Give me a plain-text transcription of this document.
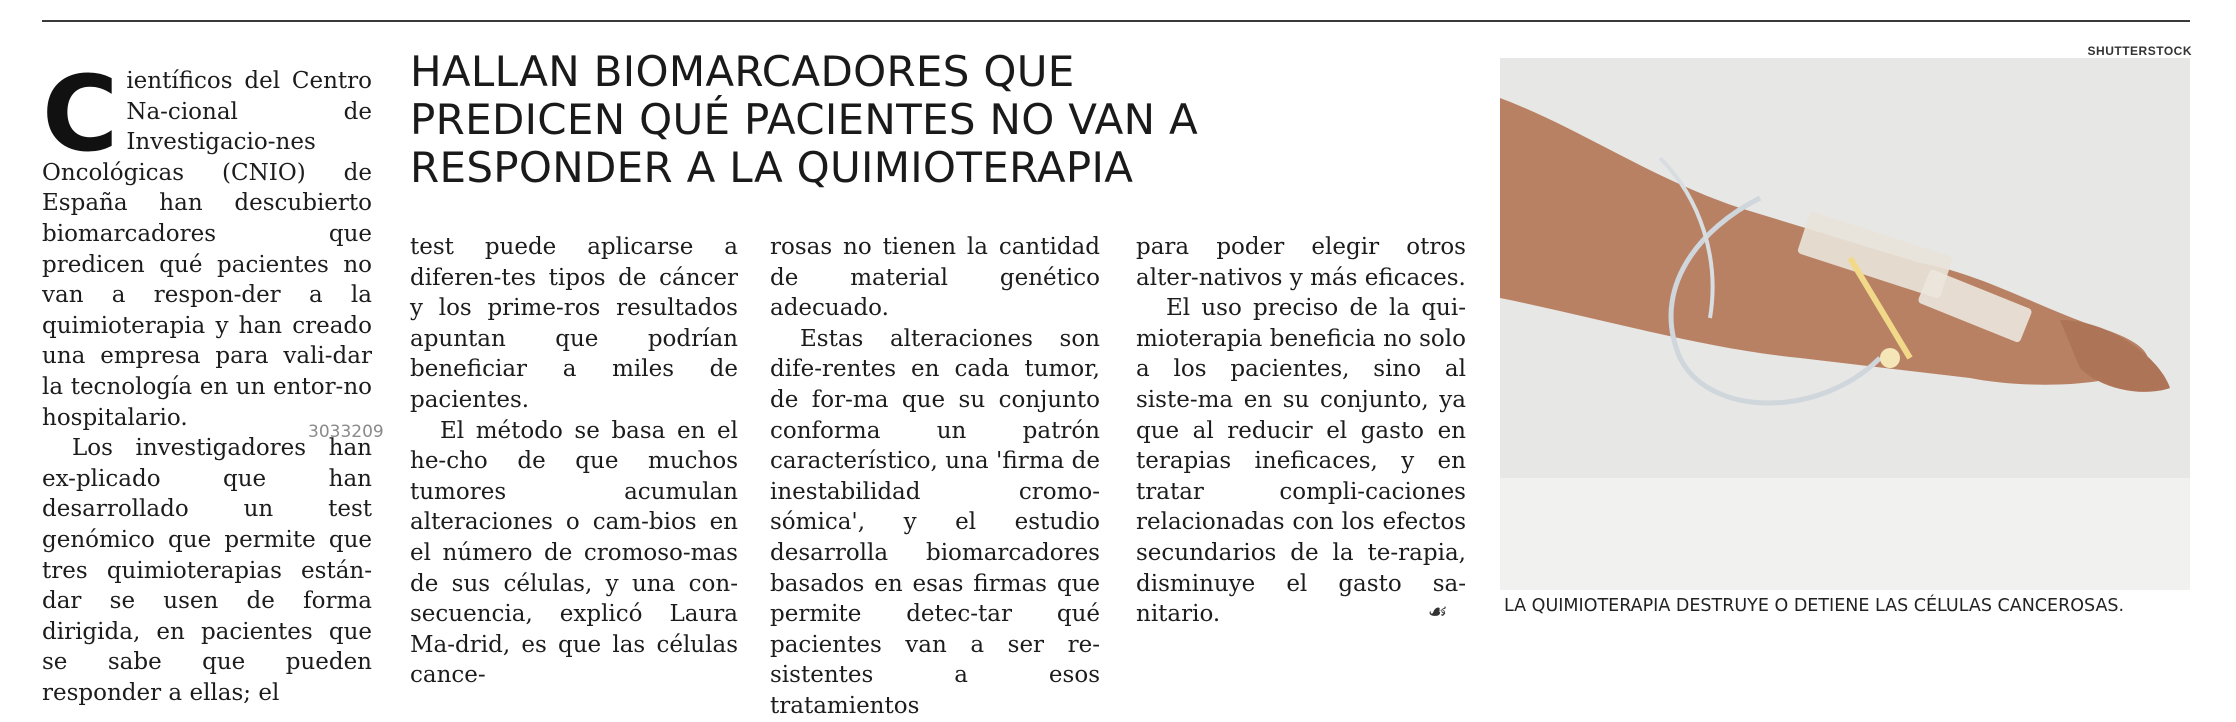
HALLAN BIOMARCADORES QUE PREDICEN QUÉ PACIENTES NO VAN A RESPONDER A LA QUIMIOTERAPIA

Científicos del Centro Na-cional de Investigacio-nes Oncológicas (CNIO) de España han descubierto biomarcadores que predicen qué pacientes no van a respon-der a la quimioterapia y han creado una empresa para vali-dar la tecnología en un entor-no hospitalario.

Los investigadores han ex-plicado que han desarrollado un test genómico que permite que tres quimioterapias están-dar se usen de forma dirigida, en pacientes que se sabe que pueden responder a ellas; el

test puede aplicarse a diferen-tes tipos de cáncer y los prime-ros resultados apuntan que podrían beneficiar a miles de pacientes.

El método se basa en el he-cho de que muchos tumores acumulan alteraciones o cam-bios en el número de cromoso-mas de sus células, y una con-secuencia, explicó Laura Ma-drid, es que las células cance-

rosas no tienen la cantidad de material genético adecuado.

Estas alteraciones son dife-rentes en cada tumor, de for-ma que su conjunto conforma un patrón característico, una 'firma de inestabilidad cromo-sómica', y el estudio desarrolla biomarcadores basados en esas firmas que permite detec-tar qué pacientes van a ser re-sistentes a esos tratamientos

para poder elegir otros alter-nativos y más eficaces.

El uso preciso de la qui-mioterapia beneficia no solo a los pacientes, sino al siste-ma en su conjunto, ya que al reducir el gasto en terapias ineficaces, y en tratar compli-caciones relacionadas con los efectos secundarios de la te-rapia, disminuye el gasto sa-nitario.

3033209
☙
SHUTTERSTOCK
LA QUIMIOTERAPIA DESTRUYE O DETIENE LAS CÉLULAS CANCEROSAS.
